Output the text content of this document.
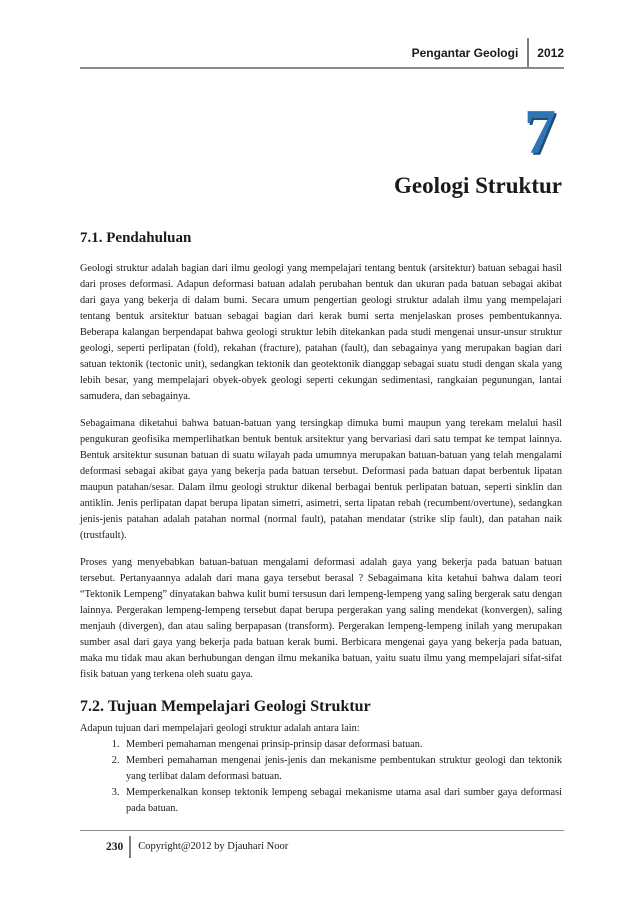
Pengantar Geologi	2012
7
Geologi Struktur
7.1. Pendahuluan

Geologi struktur adalah bagian dari ilmu geologi yang mempelajari tentang bentuk (arsitektur) batuan sebagai hasil dari proses deformasi. Adapun deformasi batuan adalah perubahan bentuk dan ukuran pada batuan sebagai akibat dari gaya yang bekerja di dalam bumi. Secara umum pengertian geologi struktur adalah ilmu yang mempelajari tentang bentuk arsitektur batuan sebagai bagian dari kerak bumi serta menjelaskan proses pembentukannya. Beberapa kalangan berpendapat bahwa geologi struktur lebih ditekankan pada studi mengenai unsur-unsur struktur geologi, seperti perlipatan (fold), rekahan (fracture), patahan (fault), dan sebagainya yang merupakan bagian dari satuan tektonik (tectonic unit), sedangkan tektonik dan geotektonik dianggap sebagai suatu studi dengan skala yang lebih besar, yang mempelajari obyek-obyek geologi seperti cekungan sedimentasi, rangkaian pegunungan, lantai samudera, dan sebagainya.

Sebagaimana diketahui bahwa batuan-batuan yang tersingkap dimuka bumi maupun yang terekam melalui hasil pengukuran geofisika memperlihatkan bentuk bentuk arsitektur yang bervariasi dari satu tempat ke tempat lainnya. Bentuk arsitektur susunan batuan di suatu wilayah pada umumnya merupakan batuan-batuan yang telah mengalami deformasi sebagai akibat gaya yang bekerja pada batuan tersebut. Deformasi pada batuan dapat berbentuk lipatan maupun patahan/sesar. Dalam ilmu geologi struktur dikenal berbagai bentuk perlipatan batuan, seperti sinklin dan antiklin. Jenis perlipatan dapat berupa lipatan simetri, asimetri, serta lipatan rebah (recumbent/overtune), sedangkan jenis-jenis patahan adalah patahan normal (normal fault), patahan mendatar (strike slip fault), dan patahan naik (trustfault).

Proses yang menyebabkan batuan-batuan mengalami deformasi adalah gaya yang bekerja pada batuan batuan tersebut. Pertanyaannya adalah dari mana gaya tersebut berasal ? Sebagaimana kita ketahui bahwa dalam teori “Tektonik Lempeng” dinyatakan bahwa kulit bumi tersusun dari lempeng-lempeng yang saling bergerak satu dengan lainnya. Pergerakan lempeng-lempeng tersebut dapat berupa pergerakan yang saling mendekat (konvergen), saling menjauh (divergen), dan atau saling berpapasan (transform). Pergerakan lempeng-lempeng inilah yang merupakan sumber asal dari gaya yang bekerja pada batuan kerak bumi. Berbicara mengenai gaya yang bekerja pada batuan, maka mu tidak mau akan berhubungan dengan ilmu mekanika batuan, yaitu suatu ilmu yang mempelajari sifat-sifat fisik batuan yang terkena oleh suatu gaya.

7.2. Tujuan Mempelajari Geologi Struktur
Adapun tujuan dari mempelajari geologi struktur adalah antara lain:
1. Memberi pemahaman mengenai prinsip-prinsip dasar deformasi batuan.
2. Memberi pemahaman mengenai jenis-jenis dan mekanisme pembentukan struktur geologi dan tektonik yang terlibat dalam deformasi batuan.
3. Memperkenalkan konsep tektonik lempeng sebagai mekanisme utama asal dari sumber gaya deformasi pada batuan.
230	Copyright@2012 by Djauhari Noor
